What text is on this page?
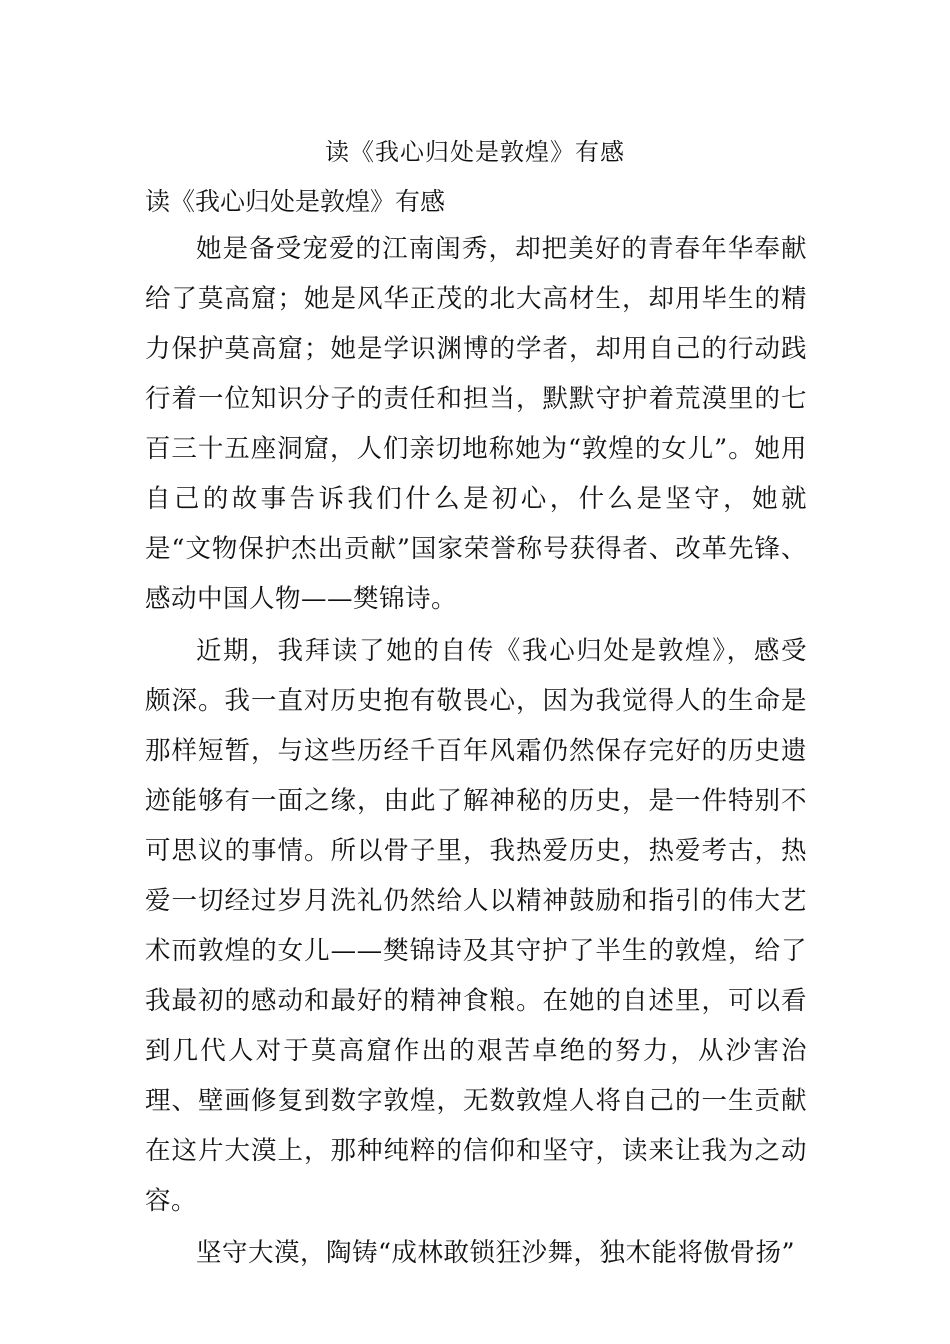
读《我心归处是敦煌》有感

读《我心归处是敦煌》有感

她是备受宠爱的江南闺秀，却把美好的青春年华奉献给了莫高窟；她是风华正茂的北大高材生，却用毕生的精力保护莫高窟；她是学识渊博的学者，却用自己的行动践行着一位知识分子的责任和担当，默默守护着荒漠里的七百三十五座洞窟，人们亲切地称她为“敦煌的女儿”。她用自己的故事告诉我们什么是初心，什么是坚守，她就是“文物保护杰出贡献”国家荣誉称号获得者、改革先锋、感动中国人物——樊锦诗。

近期，我拜读了她的自传《我心归处是敦煌》，感受颇深。我一直对历史抱有敬畏心，因为我觉得人的生命是那样短暂，与这些历经千百年风霜仍然保存完好的历史遗迹能够有一面之缘，由此了解神秘的历史，是一件特别不可思议的事情。所以骨子里，我热爱历史，热爱考古，热爱一切经过岁月洗礼仍然给人以精神鼓励和指引的伟大艺术而敦煌的女儿——樊锦诗及其守护了半生的敦煌，给了我最初的感动和最好的精神食粮。在她的自述里，可以看到几代人对于莫高窟作出的艰苦卓绝的努力，从沙害治理、壁画修复到数字敦煌，无数敦煌人将自己的一生贡献在这片大漠上，那种纯粹的信仰和坚守，读来让我为之动容。

坚守大漠，陶铸“成林敢锁狂沙舞，独木能将傲骨扬”
